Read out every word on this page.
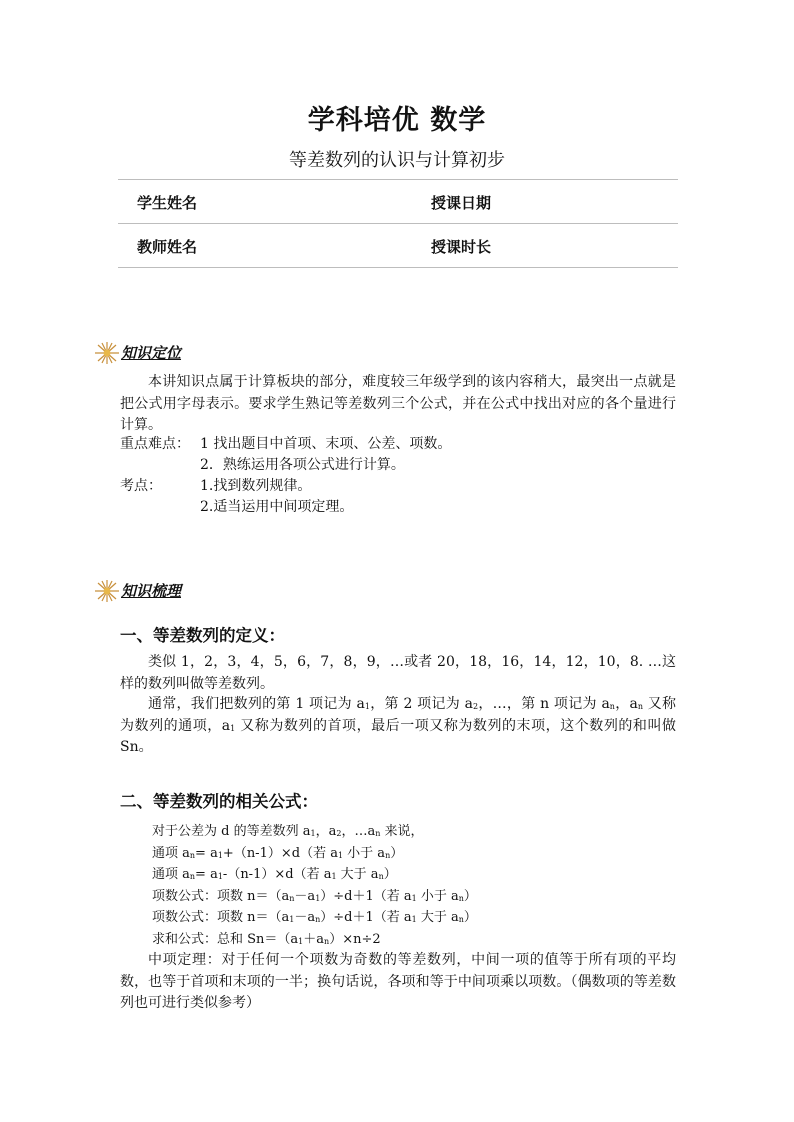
学科培优 数学

等差数列的认识与计算初步

学生姓名	授课日期
教师姓名	授课时长
知识定位

本讲知识点属于计算板块的部分，难度较三年级学到的该内容稍大，最突出一点就是把公式用字母表示。要求学生熟记等差数列三个公式，并在公式中找出对应的各个量进行计算。

重点难点： 1 找出题目中首项、末项、公差、项数。

2．熟练运用各项公式进行计算。

考点：	1.找到数列规律。

2.适当运用中间项定理。

知识梳理

一、等差数列的定义：

类似 1，2，3，4，5，6，7，8，9，…或者 20，18，16，14，12，10，8. …这样的数列叫做等差数列。

通常，我们把数列的第 1 项记为 $a_1$，第 2 项记为 $a_2$，…，第 n 项记为 $a_n$，$a_n$ 又称为数列的通项，$a_1$ 又称为数列的首项，最后一项又称为数列的末项，这个数列的和叫做 Sn。

二、等差数列的相关公式：

对于公差为 d 的等差数列 $a_1$，$a_2$，$\dots a_n$ 来说，
通项 $a_n= a_1+(n-1)\times d$（若 $a_1$ 小于 $a_n$）
通项 $a_n= a_1-(n-1)\times d$（若 $a_1$ 大于 $a_n$）
项数公式：项数 $n=(a_n-a_1)\div d+1$（若 $a_1$ 小于 $a_n$）
项数公式：项数 $n=(a_1-a_n)\div d+1$（若 $a_1$ 大于 $a_n$）
求和公式：总和 $Sn=(a_1+a_n)\times n\div 2$

中项定理：对于任何一个项数为奇数的等差数列，中间一项的值等于所有项的平均数，也等于首项和末项的一半；换句话说，各项和等于中间项乘以项数。（偶数项的等差数列也可进行类似参考）
